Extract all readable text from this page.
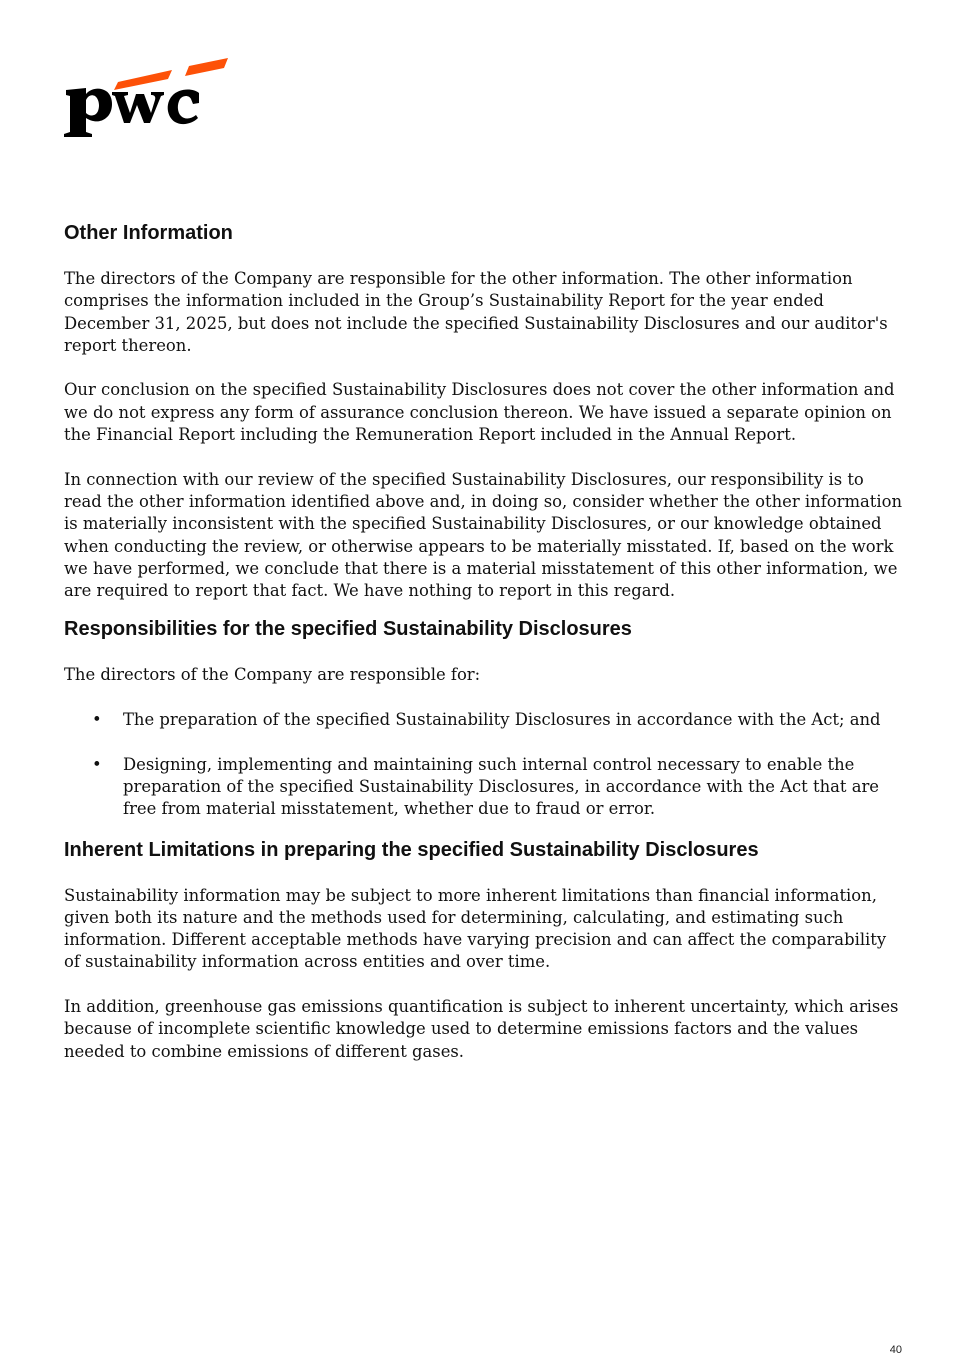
Other Information

The directors of the Company are responsible for the other information. The other information comprises the information included in the Group’s Sustainability Report for the year ended December 31, 2025, but does not include the specified Sustainability Disclosures and our auditor's report thereon.

Our conclusion on the specified Sustainability Disclosures does not cover the other information and we do not express any form of assurance conclusion thereon. We have issued a separate opinion on the Financial Report including the Remuneration Report included in the Annual Report.

In connection with our review of the specified Sustainability Disclosures, our responsibility is to read the other information identified above and, in doing so, consider whether the other information is materially inconsistent with the specified Sustainability Disclosures, or our knowledge obtained when conducting the review, or otherwise appears to be materially misstated. If, based on the work we have performed, we conclude that there is a material misstatement of this other information, we are required to report that fact. We have nothing to report in this regard.

Responsibilities for the specified Sustainability Disclosures

The directors of the Company are responsible for:

• The preparation of the specified Sustainability Disclosures in accordance with the Act; and
• Designing, implementing and maintaining such internal control necessary to enable the preparation of the specified Sustainability Disclosures, in accordance with the Act that are free from material misstatement, whether due to fraud or error.
Inherent Limitations in preparing the specified Sustainability Disclosures

Sustainability information may be subject to more inherent limitations than financial information, given both its nature and the methods used for determining, calculating, and estimating such information. Different acceptable methods have varying precision and can affect the comparability of sustainability information across entities and over time.

In addition, greenhouse gas emissions quantification is subject to inherent uncertainty, which arises because of incomplete scientific knowledge used to determine emissions factors and the values needed to combine emissions of different gases.

40
